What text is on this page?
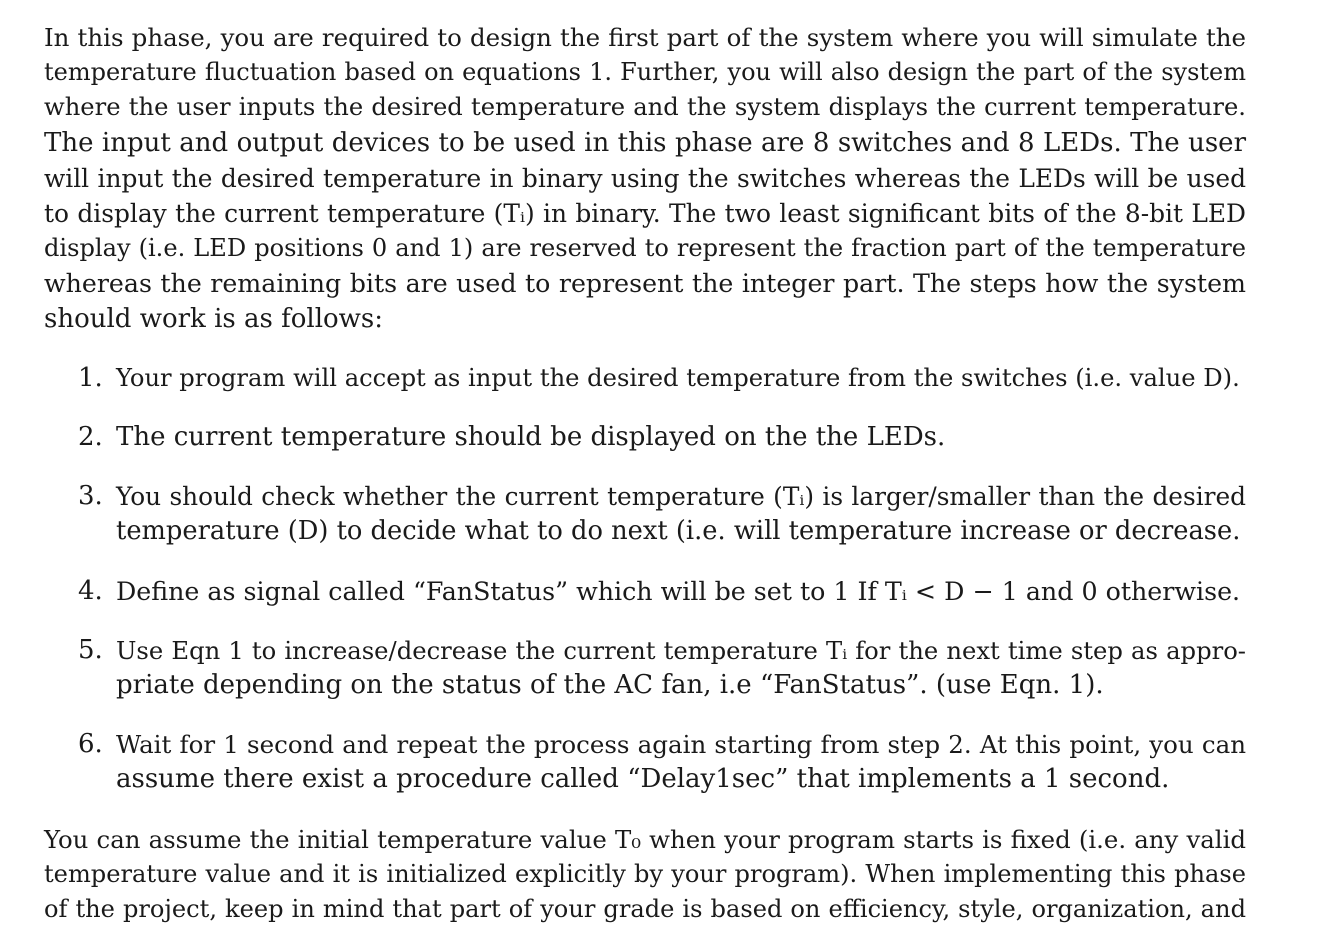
In this phase, you are required to design the first part of the system where you will simulate the
temperature fluctuation based on equations 1. Further, you will also design the part of the system
where the user inputs the desired temperature and the system displays the current temperature.
The input and output devices to be used in this phase are 8 switches and 8 LEDs. The user
will input the desired temperature in binary using the switches whereas the LEDs will be used
to display the current temperature (Tᵢ) in binary. The two least significant bits of the 8-bit LED
display (i.e. LED positions 0 and 1) are reserved to represent the fraction part of the temperature
whereas the remaining bits are used to represent the integer part. The steps how the system
should work is as follows:

1. Your program will accept as input the desired temperature from the switches (i.e. value D).
2. The current temperature should be displayed on the the LEDs.
3. You should check whether the current temperature (Tᵢ) is larger/smaller than the desired
temperature (D) to decide what to do next (i.e. will temperature increase or decrease.
4. Define as signal called “FanStatus” which will be set to 1 If Tᵢ < D − 1 and 0 otherwise.
5. Use Eqn 1 to increase/decrease the current temperature Tᵢ for the next time step as appro-
priate depending on the status of the AC fan, i.e “FanStatus”. (use Eqn. 1).
6. Wait for 1 second and repeat the process again starting from step 2. At this point, you can
assume there exist a procedure called “Delay1sec” that implements a 1 second.

You can assume the initial temperature value T₀ when your program starts is fixed (i.e. any valid
temperature value and it is initialized explicitly by your program). When implementing this phase
of the project, keep in mind that part of your grade is based on efficiency, style, organization, and
